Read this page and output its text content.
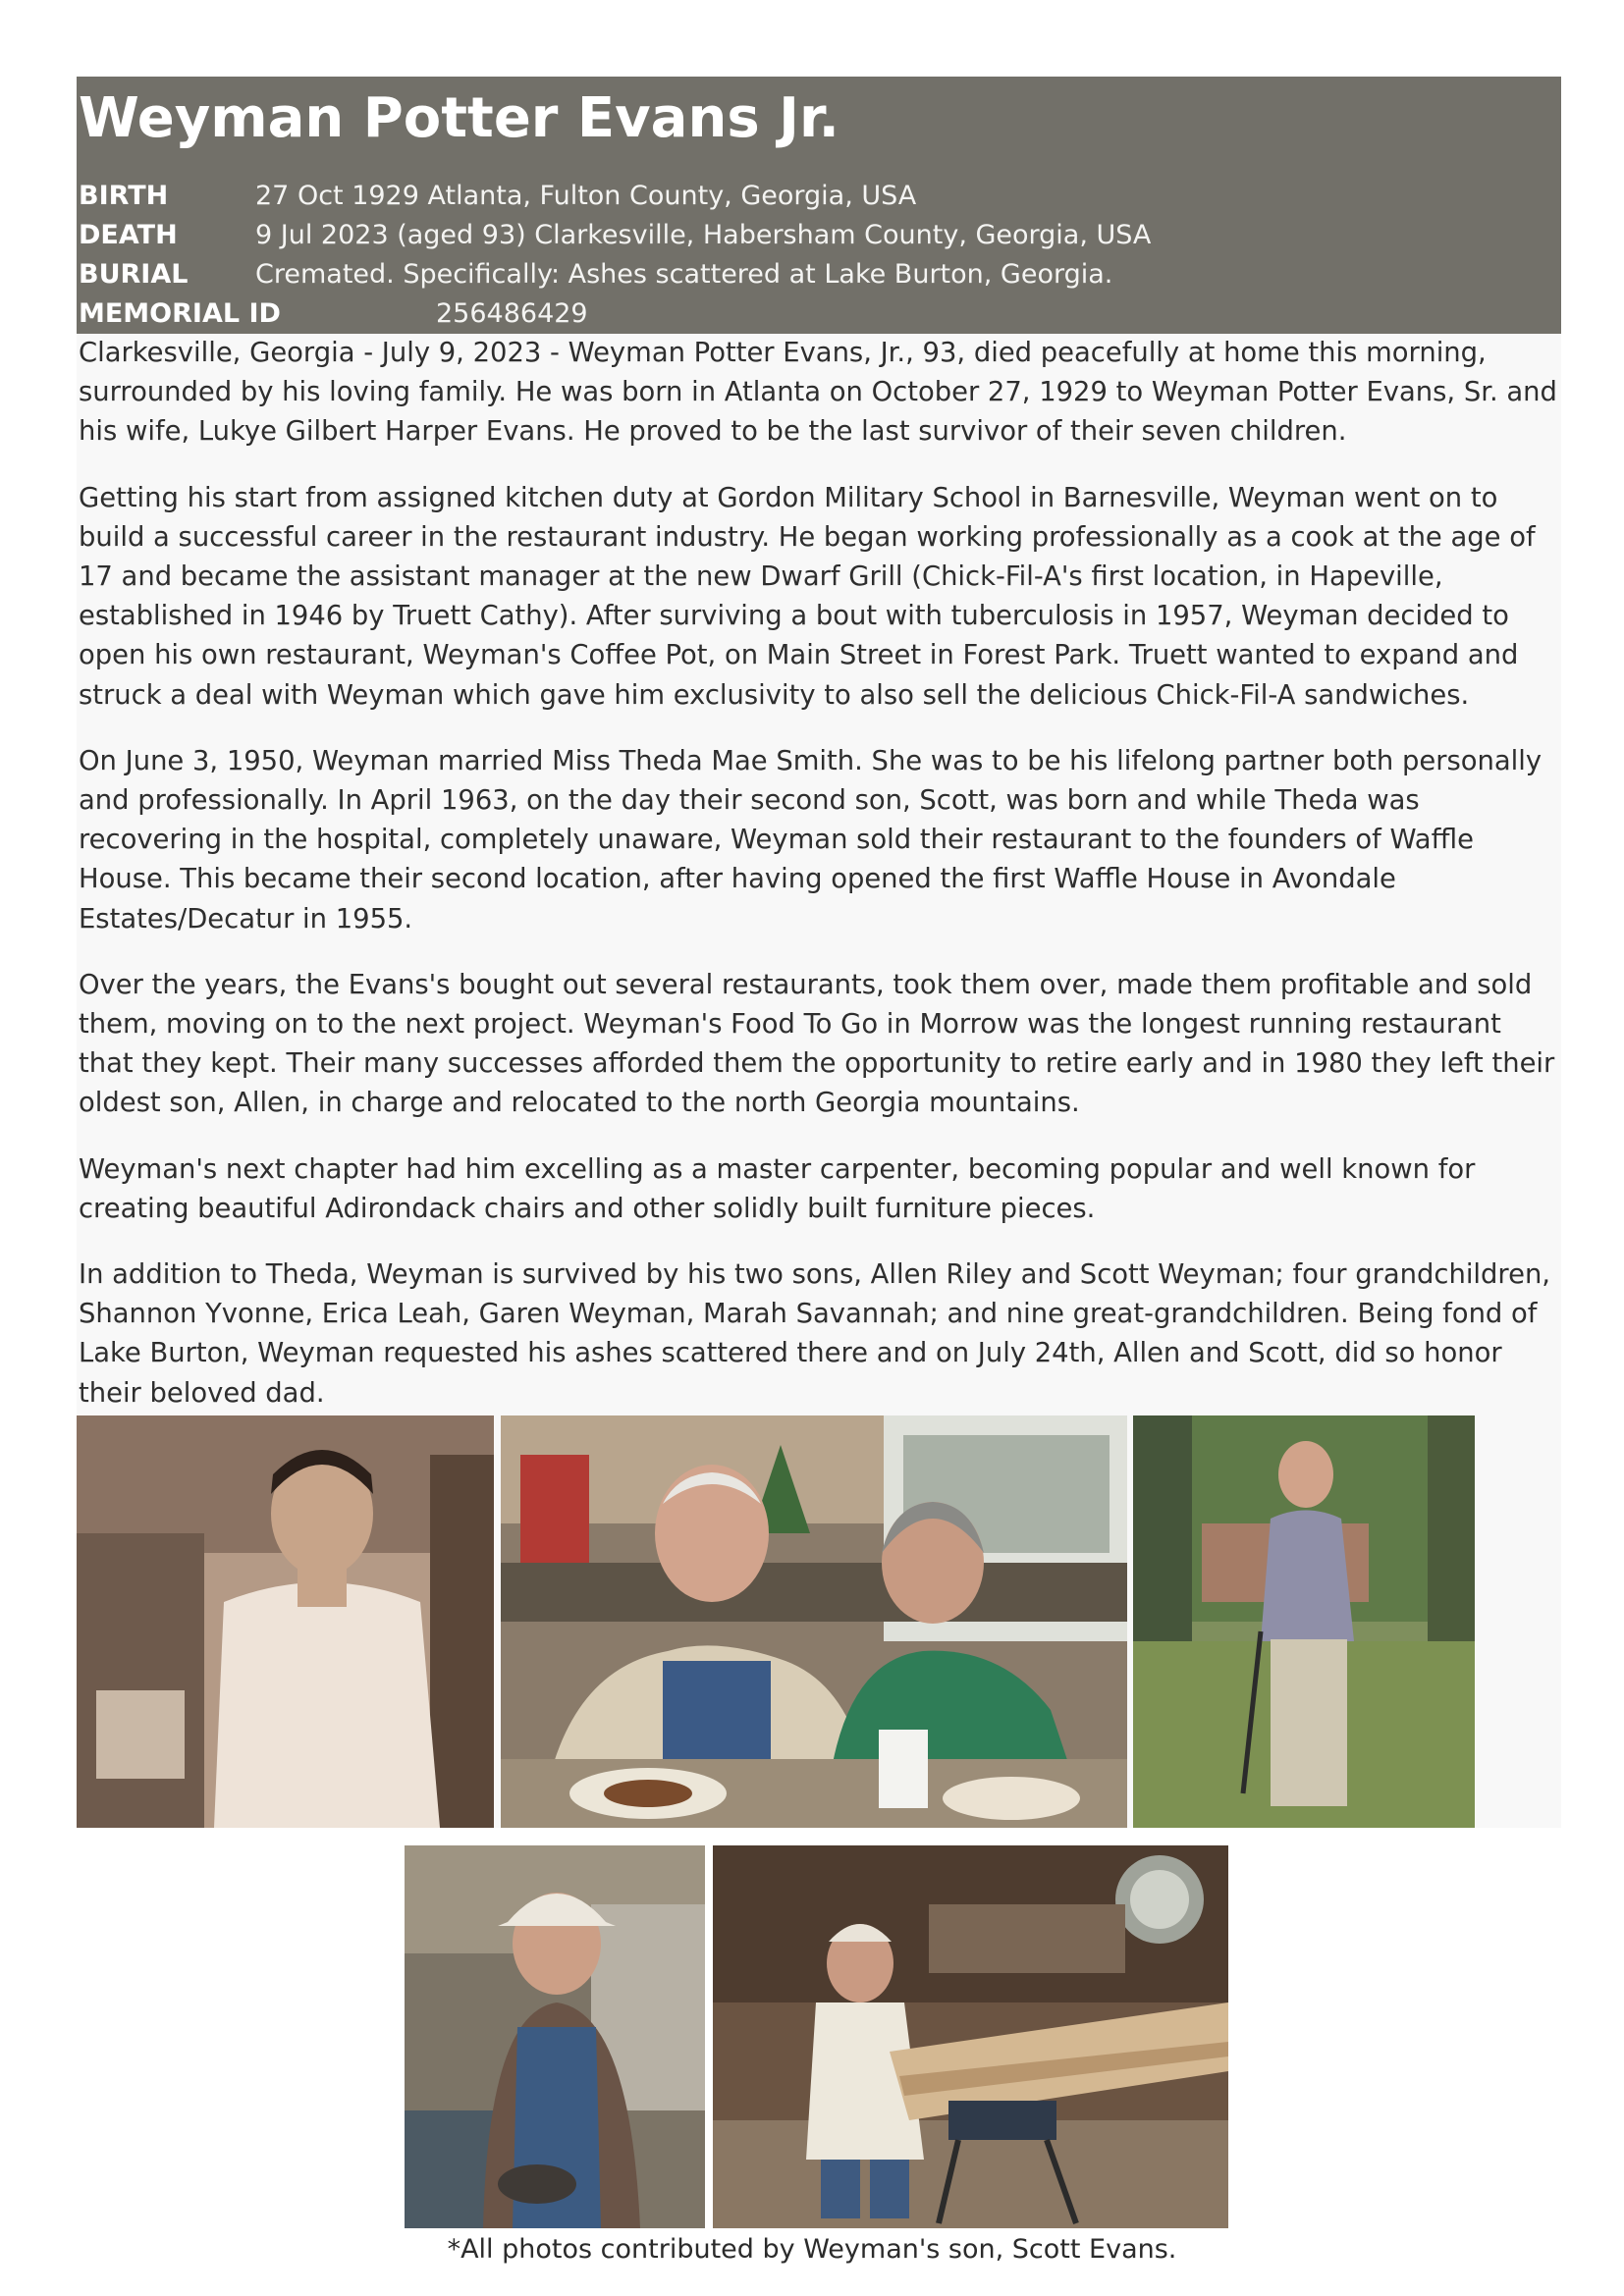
Weyman Potter Evans Jr.
BIRTH	27 Oct 1929 Atlanta, Fulton County, Georgia, USA
DEATH	9 Jul 2023 (aged 93) Clarkesville, Habersham County, Georgia, USA
BURIAL	Cremated. Specifically: Ashes scattered at Lake Burton, Georgia.
MEMORIAL ID	256486429

Clarkesville, Georgia - July 9, 2023 - Weyman Potter Evans, Jr., 93, died peacefully at home this morning, surrounded by his loving family. He was born in Atlanta on October 27, 1929 to Weyman Potter Evans, Sr. and his wife, Lukye Gilbert Harper Evans. He proved to be the last survivor of their seven children.

Getting his start from assigned kitchen duty at Gordon Military School in Barnesville, Weyman went on to build a successful career in the restaurant industry. He began working professionally as a cook at the age of 17 and became the assistant manager at the new Dwarf Grill (Chick-Fil-A's first location, in Hapeville, established in 1946 by Truett Cathy). After surviving a bout with tuberculosis in 1957, Weyman decided to open his own restaurant, Weyman's Coffee Pot, on Main Street in Forest Park. Truett wanted to expand and struck a deal with Weyman which gave him exclusivity to also sell the delicious Chick-Fil-A sandwiches.

On June 3, 1950, Weyman married Miss Theda Mae Smith. She was to be his lifelong partner both personally and professionally. In April 1963, on the day their second son, Scott, was born and while Theda was recovering in the hospital, completely unaware, Weyman sold their restaurant to the founders of Waffle House. This became their second location, after having opened the first Waffle House in Avondale Estates/Decatur in 1955.

Over the years, the Evans's bought out several restaurants, took them over, made them profitable and sold them, moving on to the next project. Weyman's Food To Go in Morrow was the longest running restaurant that they kept. Their many successes afforded them the opportunity to retire early and in 1980 they left their oldest son, Allen, in charge and relocated to the north Georgia mountains.

Weyman's next chapter had him excelling as a master carpenter, becoming popular and well known for creating beautiful Adirondack chairs and other solidly built furniture pieces.

In addition to Theda, Weyman is survived by his two sons, Allen Riley and Scott Weyman; four grandchildren, Shannon Yvonne, Erica Leah, Garen Weyman, Marah Savannah; and nine great-grandchildren. Being fond of Lake Burton, Weyman requested his ashes scattered there and on July 24th, Allen and Scott, did so honor their beloved dad.

*All photos contributed by Weyman's son, Scott Evans.
